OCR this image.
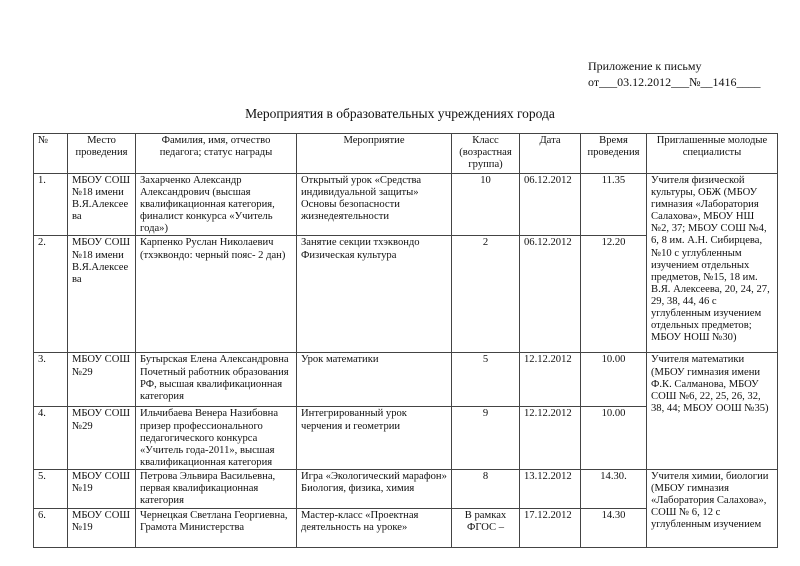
Приложение к письму
от___03.12.2012___№__1416____
Мероприятия в образовательных учреждениях города
№	Место проведения	Фамилия, имя, отчество педагога; статус награды	Мероприятие	Класс (возрастная группа)	Дата	Время проведения	Приглашенные молодые специалисты
1.	МБОУ СОШ №18 имени В.Я.Алексеева	Захарченко Александр Александрович (высшая квалификационная категория, финалист конкурса «Учитель года»)	Открытый урок «Средства индивидуальной защиты» Основы безопасности жизнедеятельности	10	06.12.2012	11.35	Учителя физической культуры, ОБЖ (МБОУ гимназия «Лаборатория Салахова», МБОУ НШ №2, 37; МБОУ СОШ №4, 6, 8 им. А.Н. Сибирцева, №10 с углубленным изучением отдельных предметов, №15, 18 им. В.Я. Алексеева, 20, 24, 27, 29, 38, 44, 46 с углубленным изучением отдельных предметов; МБОУ НОШ №30)
2.	МБОУ СОШ №18 имени В.Я.Алексеева	Карпенко Руслан Николаевич (тхэквондо: черный пояс- 2 дан)	Занятие секции тхэквондо Физическая культура	2	06.12.2012	12.20	
3.	МБОУ СОШ №29	Бутырская Елена Александровна Почетный работник образования РФ, высшая квалификационная категория	Урок математики	5	12.12.2012	10.00	Учителя математики (МБОУ гимназия имени Ф.К. Салманова, МБОУ СОШ №6, 22, 25, 26, 32, 38, 44; МБОУ ООШ №35)
4.	МБОУ СОШ №29	Ильчибаева Венера Назибовна призер профессионального педагогического конкурса «Учитель года-2011», высшая квалификационная категория	Интегрированный урок черчения и геометрии	9	12.12.2012	10.00	
5.	МБОУ СОШ №19	Петрова Эльвира Васильевна, первая квалификационная категория	Игра «Экологический марафон» Биология, физика, химия	8	13.12.2012	14.30.	Учителя химии, биологии (МБОУ гимназия «Лаборатория Салахова», СОШ № 6, 12 с углубленным изучением

6.	МБОУ СОШ №19	Чернецкая Светлана Георгиевна, Грамота Министерства	Мастер-класс «Проектная деятельность на уроке»	В рамках ФГОС –	17.12.2012	14.30	
